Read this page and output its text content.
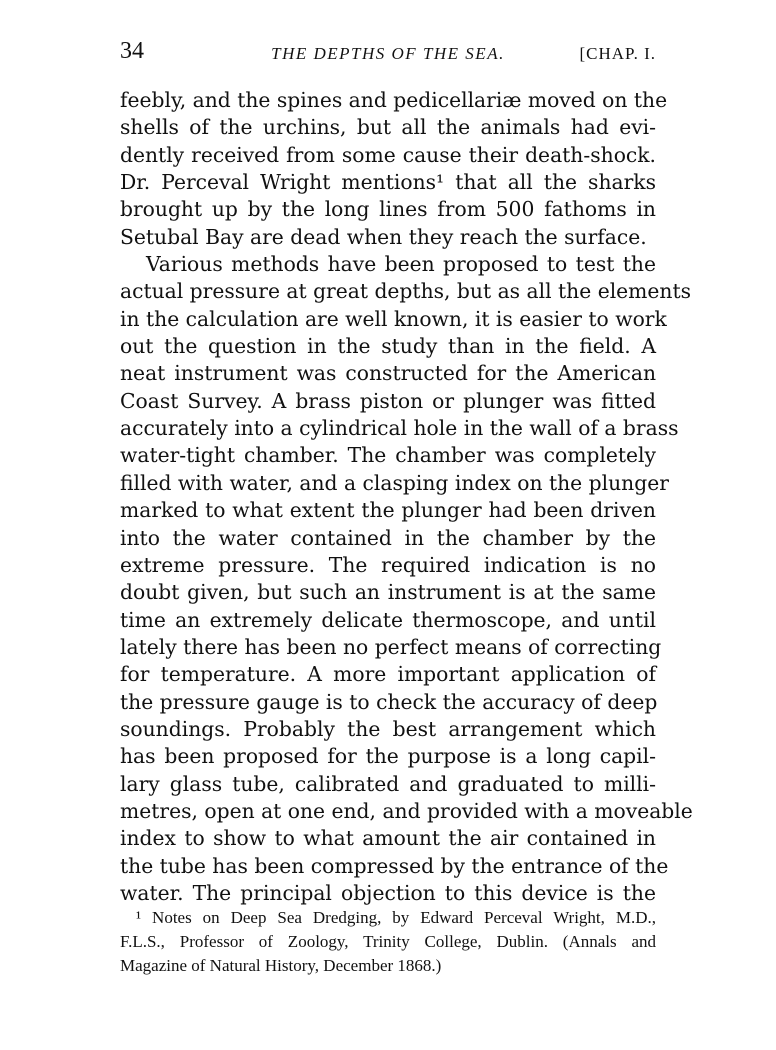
34	THE DEPTHS OF THE SEA.	[CHAP. I.
feebly, and the spines and pedicellariæ moved on the
shells of the urchins, but all the animals had evi-
dently received from some cause their death-shock.
Dr. Perceval Wright mentions¹ that all the sharks
brought up by the long lines from 500 fathoms in
Setubal Bay are dead when they reach the surface.
Various methods have been proposed to test the
actual pressure at great depths, but as all the elements
in the calculation are well known, it is easier to work
out the question in the study than in the field. A
neat instrument was constructed for the American
Coast Survey. A brass piston or plunger was fitted
accurately into a cylindrical hole in the wall of a brass
water-tight chamber. The chamber was completely
filled with water, and a clasping index on the plunger
marked to what extent the plunger had been driven
into the water contained in the chamber by the
extreme pressure. The required indication is no
doubt given, but such an instrument is at the same
time an extremely delicate thermoscope, and until
lately there has been no perfect means of correcting
for temperature. A more important application of
the pressure gauge is to check the accuracy of deep
soundings. Probably the best arrangement which
has been proposed for the purpose is a long capil-
lary glass tube, calibrated and graduated to milli-
metres, open at one end, and provided with a moveable
index to show to what amount the air contained in
the tube has been compressed by the entrance of the
water. The principal objection to this device is the
¹ Notes on Deep Sea Dredging, by Edward Perceval Wright, M.D.,
F.L.S., Professor of Zoology, Trinity College, Dublin. (Annals and
Magazine of Natural History, December 1868.)
